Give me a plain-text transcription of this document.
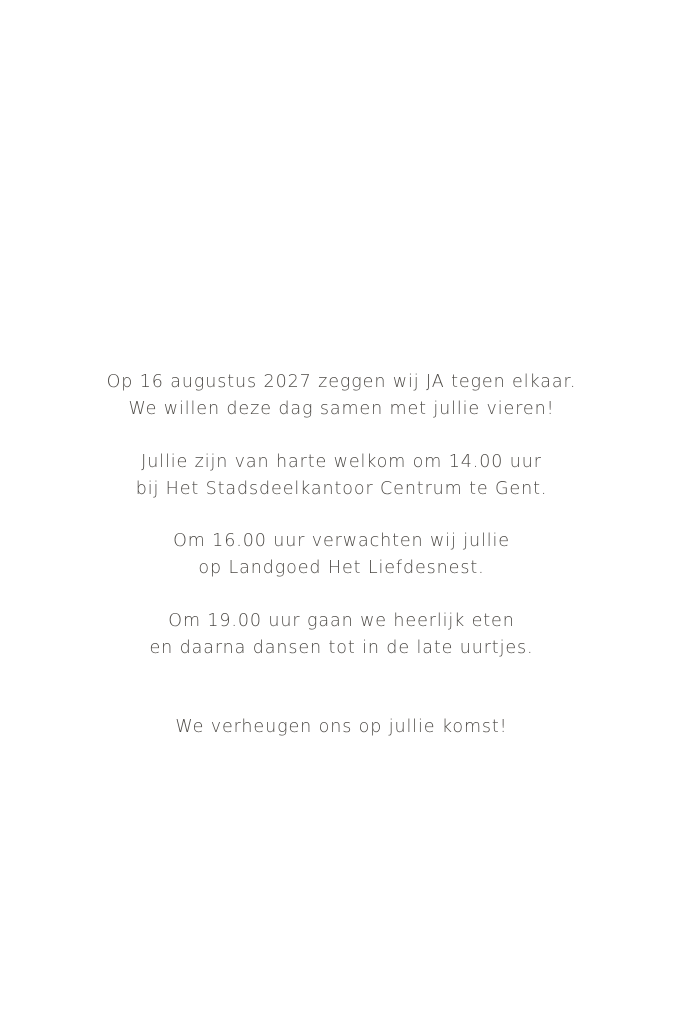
Op 16 augustus 2027 zeggen wij JA tegen elkaar.
We willen deze dag samen met jullie vieren!
Jullie zijn van harte welkom om 14.00 uur
bij Het Stadsdeelkantoor Centrum te Gent.
Om 16.00 uur verwachten wij jullie
op Landgoed Het Liefdesnest.
Om 19.00 uur gaan we heerlijk eten
en daarna dansen tot in de late uurtjes.
We verheugen ons op jullie komst!
